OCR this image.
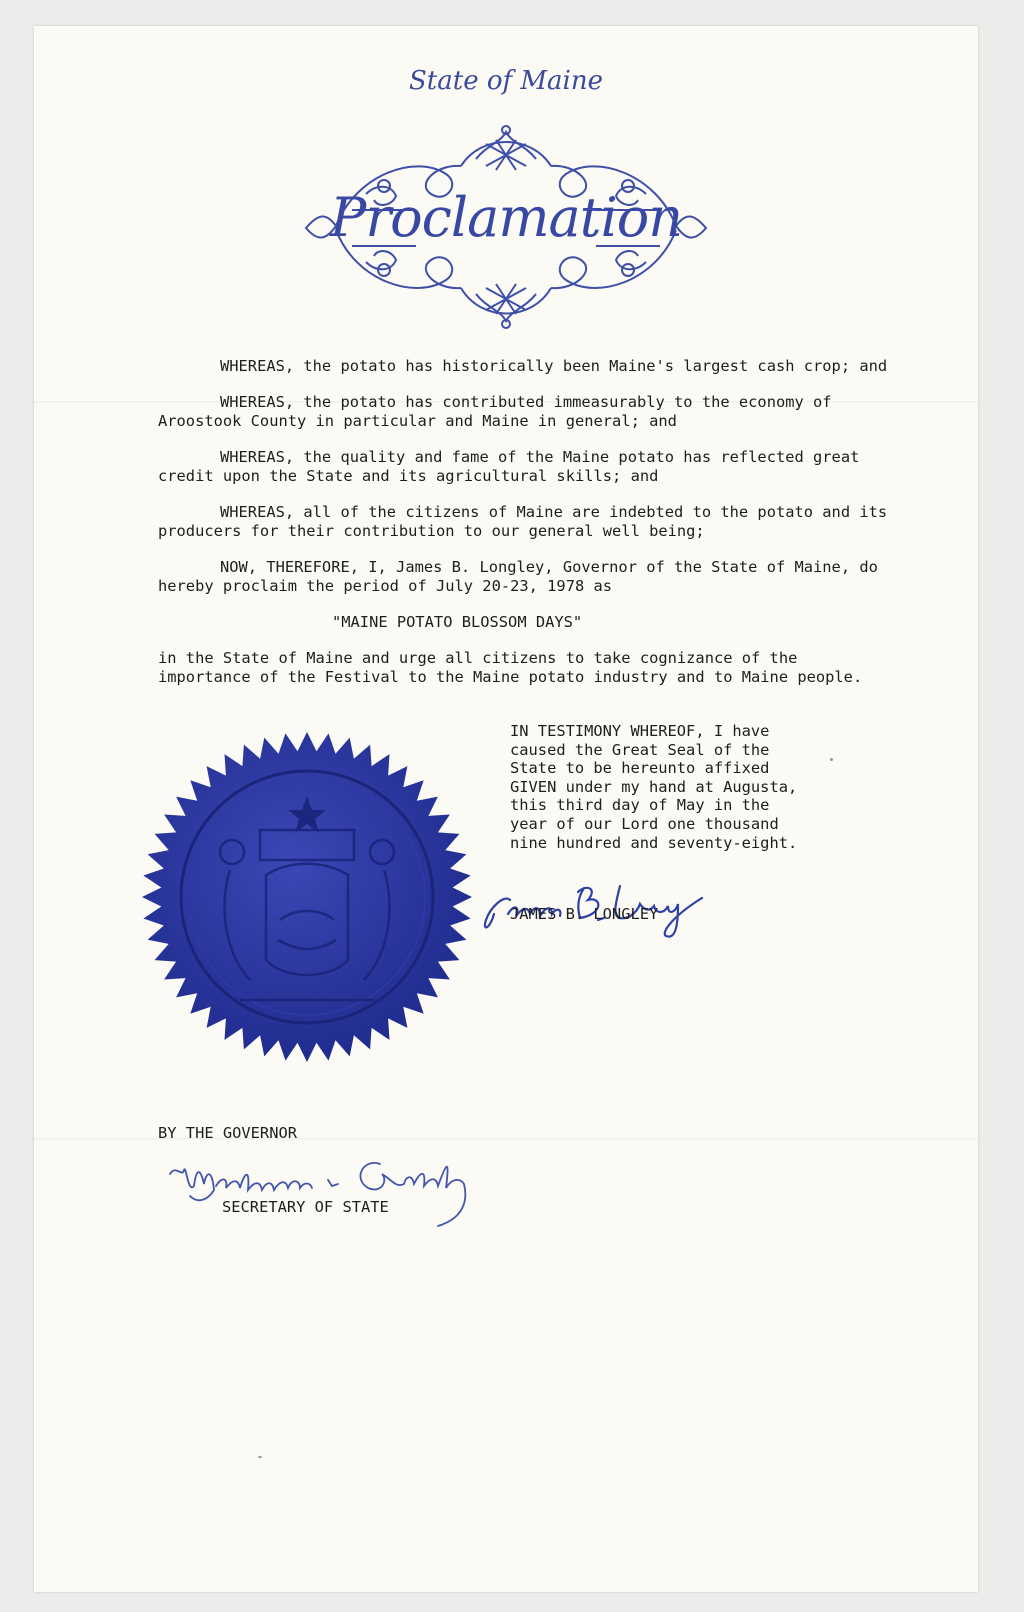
State of Maine
Proclamation

WHEREAS, the potato has historically been Maine's largest cash crop; and

WHEREAS, the potato has contributed immeasurably to the economy of Aroostook County in particular and Maine in general; and

WHEREAS, the quality and fame of the Maine potato has reflected great credit upon the State and its agricultural skills; and

WHEREAS, all of the citizens of Maine are indebted to the potato and its producers for their contribution to our general well being;

NOW, THEREFORE, I, James B. Longley, Governor of the State of Maine, do hereby proclaim the period of July 20-23, 1978 as

"MAINE POTATO BLOSSOM DAYS"

in the State of Maine and urge all citizens to take cognizance of the importance of the Festival to the Maine potato industry and to Maine people.

IN TESTIMONY WHEREOF, I have
caused the Great Seal of the
State to be hereunto affixed
GIVEN under my hand at Augusta,
this third day of May in the
year of our Lord one thousand
nine hundred and seventy-eight.
JAMES B. LONGLEY
BY THE GOVERNOR
SECRETARY OF STATE
